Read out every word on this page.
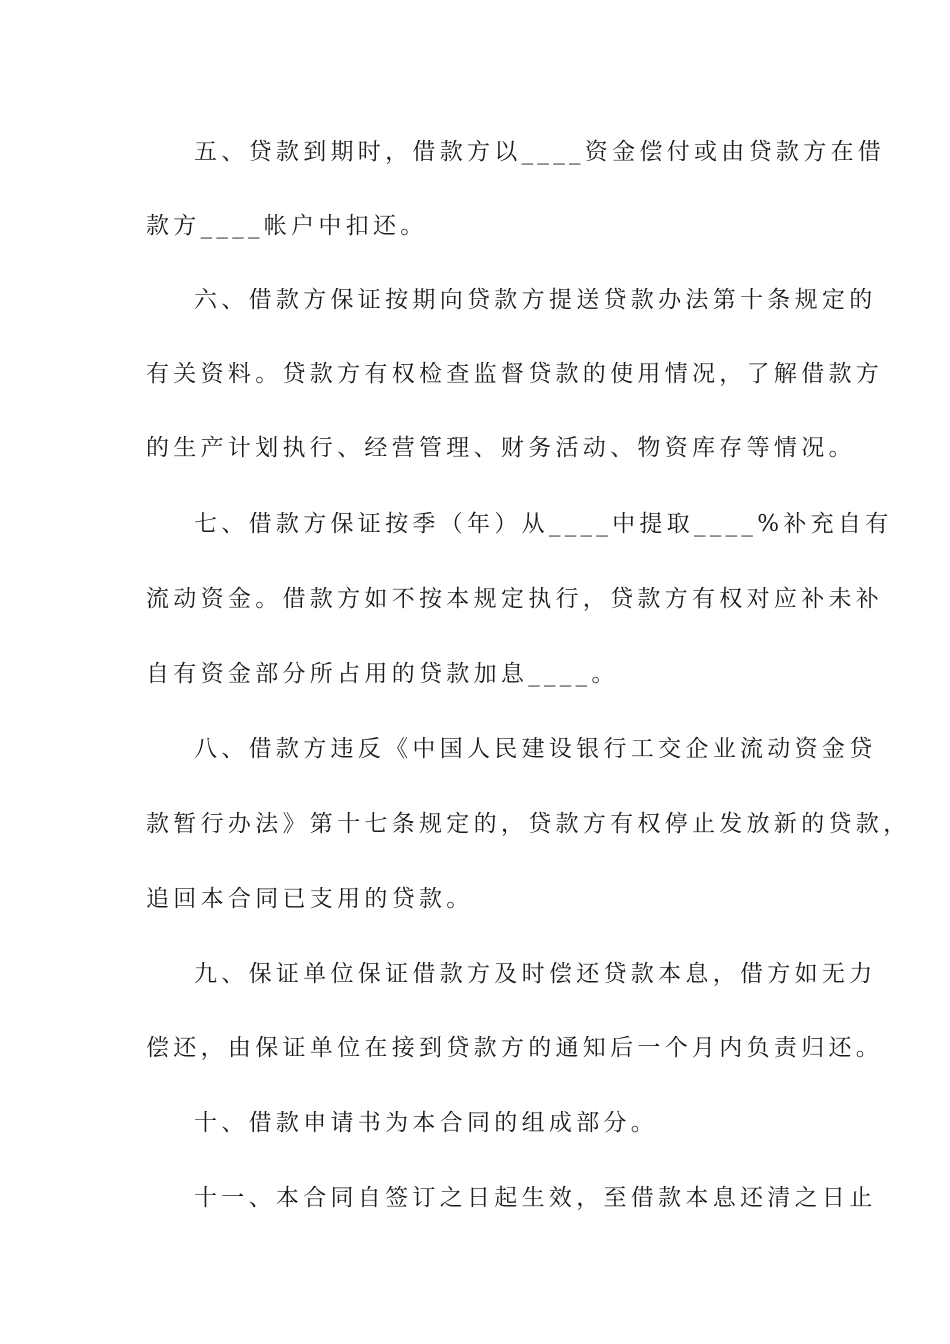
五、贷款到期时，借款方以____资金偿付或由贷款方在借

款方____帐户中扣还。

六、借款方保证按期向贷款方提送贷款办法第十条规定的

有关资料。贷款方有权检查监督贷款的使用情况，了解借款方

的生产计划执行、经营管理、财务活动、物资库存等情况。

七、借款方保证按季（年）从____中提取____%补充自有

流动资金。借款方如不按本规定执行，贷款方有权对应补未补

自有资金部分所占用的贷款加息____。

八、借款方违反《中国人民建设银行工交企业流动资金贷

款暂行办法》第十七条规定的，贷款方有权停止发放新的贷款，

追回本合同已支用的贷款。

九、保证单位保证借款方及时偿还贷款本息，借方如无力

偿还，由保证单位在接到贷款方的通知后一个月内负责归还。

十、借款申请书为本合同的组成部分。

十一、本合同自签订之日起生效，至借款本息还清之日止
